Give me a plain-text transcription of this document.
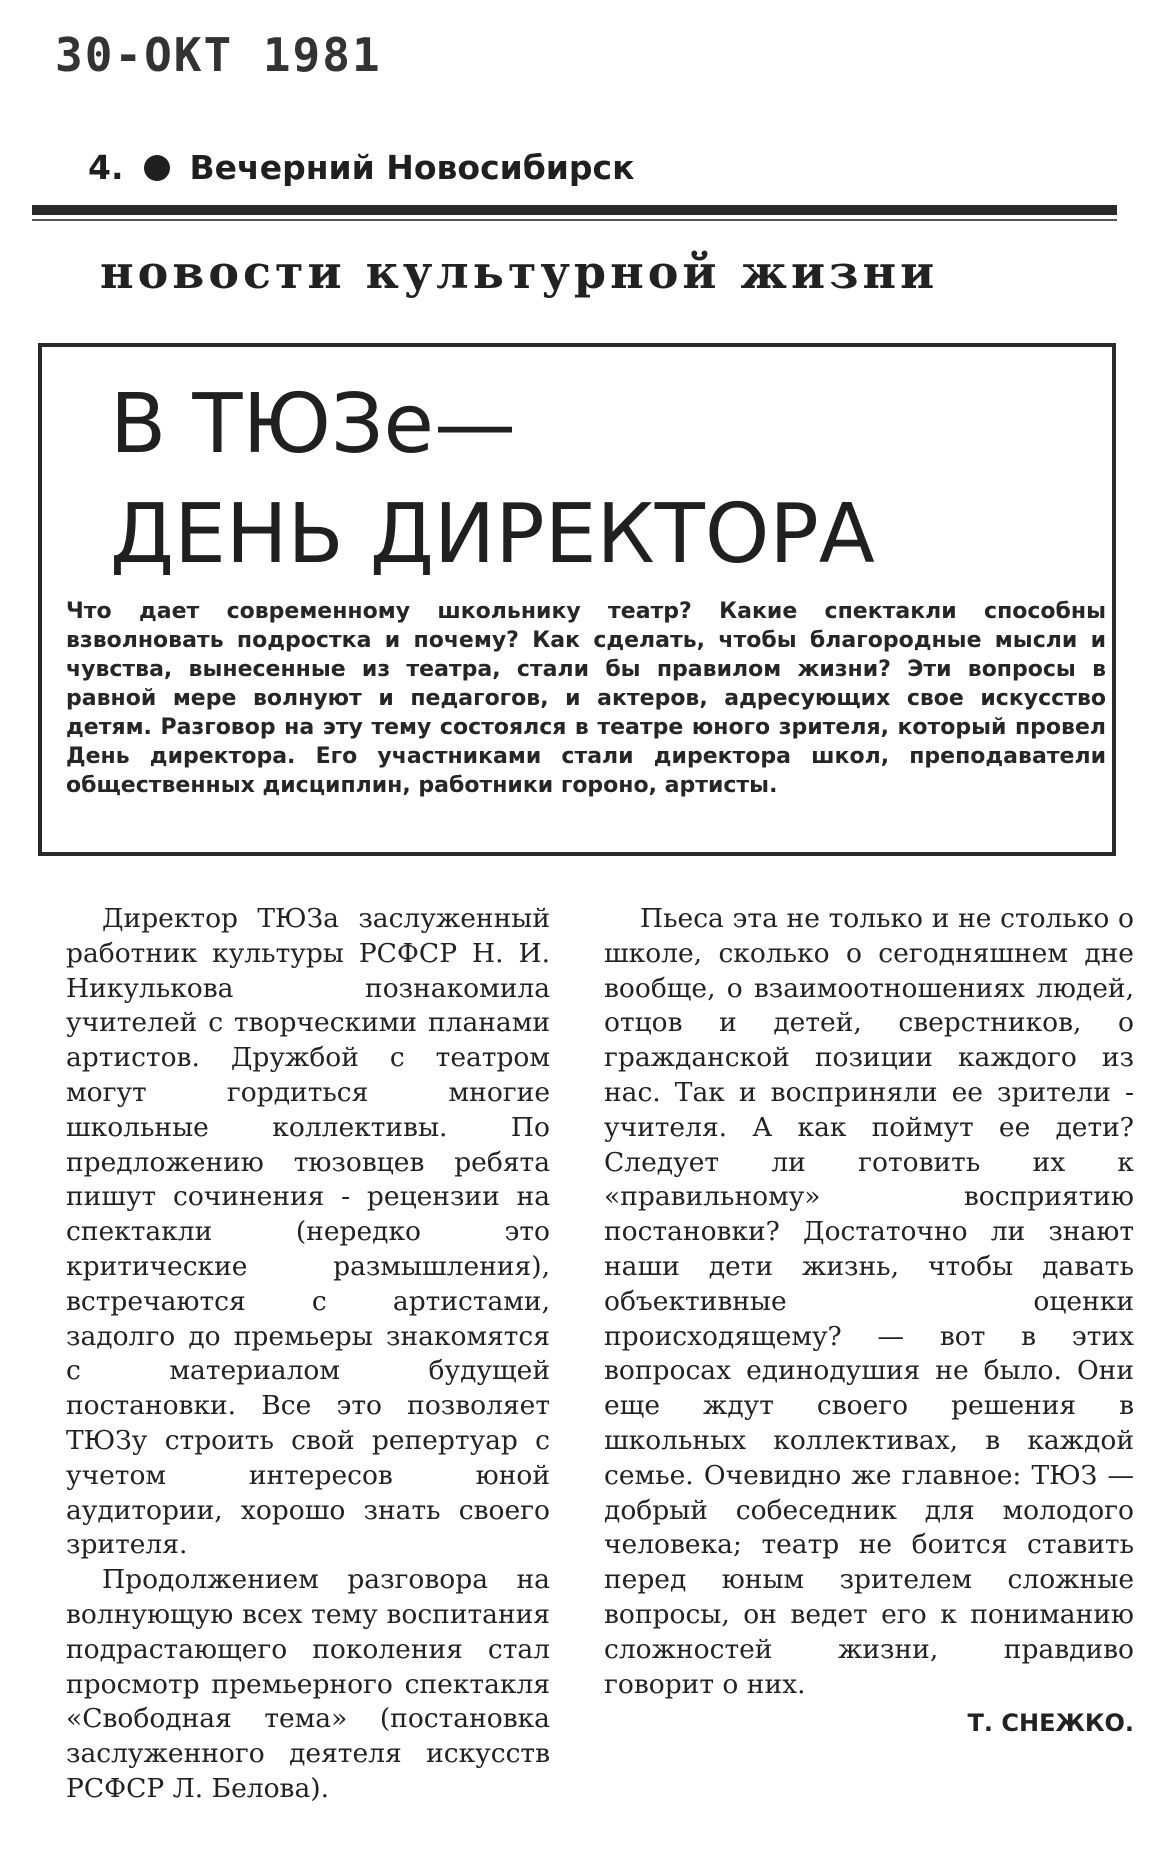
30-ОКТ 1981
4. Вечерний Новосибирск
новости культурной жизни
В ТЮЗе—
ДЕНЬ ДИРЕКТОРА

Что дает современному школьнику театр? Какие спектакли способны взволновать подростка и почему? Как сделать, чтобы благородные мысли и чувства, вынесенные из театра, стали бы правилом жизни? Эти вопросы в равной мере волнуют и педагогов, и актеров, адресующих свое искусство детям. Разговор на эту тему состоялся в театре юного зрителя, который провел День директора. Его участниками стали директора школ, преподаватели общественных дисциплин, работники гороно, артисты.

Директор ТЮЗа заслуженный работник культуры РСФСР Н. И. Никулькова познакомила учителей с творческими планами артистов. Дружбой с театром могут гордиться многие школьные коллективы. По предложению тюзовцев ребята пишут сочинения - рецензии на спектакли (нередко это критические размышления), встречаются с артистами, задолго до премьеры знакомятся с материалом будущей постановки. Все это позволяет ТЮЗу строить свой репертуар с учетом интересов юной аудитории, хорошо знать своего зрителя.

Продолжением разговора на волнующую всех тему воспитания подрастающего поколения стал просмотр премьерного спектакля «Свободная тема» (постановка заслуженного деятеля искусств РСФСР Л. Белова).

Пьеса эта не только и не столько о школе, сколько о сегодняшнем дне вообще, о взаимоотношениях людей, отцов и детей, сверстников, о гражданской позиции каждого из нас. Так и восприняли ее зрители - учителя. А как поймут ее дети? Следует ли готовить их к «правильному» восприятию постановки? Достаточно ли знают наши дети жизнь, чтобы давать объективные оценки происходящему? — вот в этих вопросах единодушия не было. Они еще ждут своего решения в школьных коллективах, в каждой семье. Очевидно же главное: ТЮЗ — добрый собеседник для молодого человека; театр не боится ставить перед юным зрителем сложные вопросы, он ведет его к пониманию сложностей жизни, правдиво говорит о них.

Т. СНЕЖКО.
